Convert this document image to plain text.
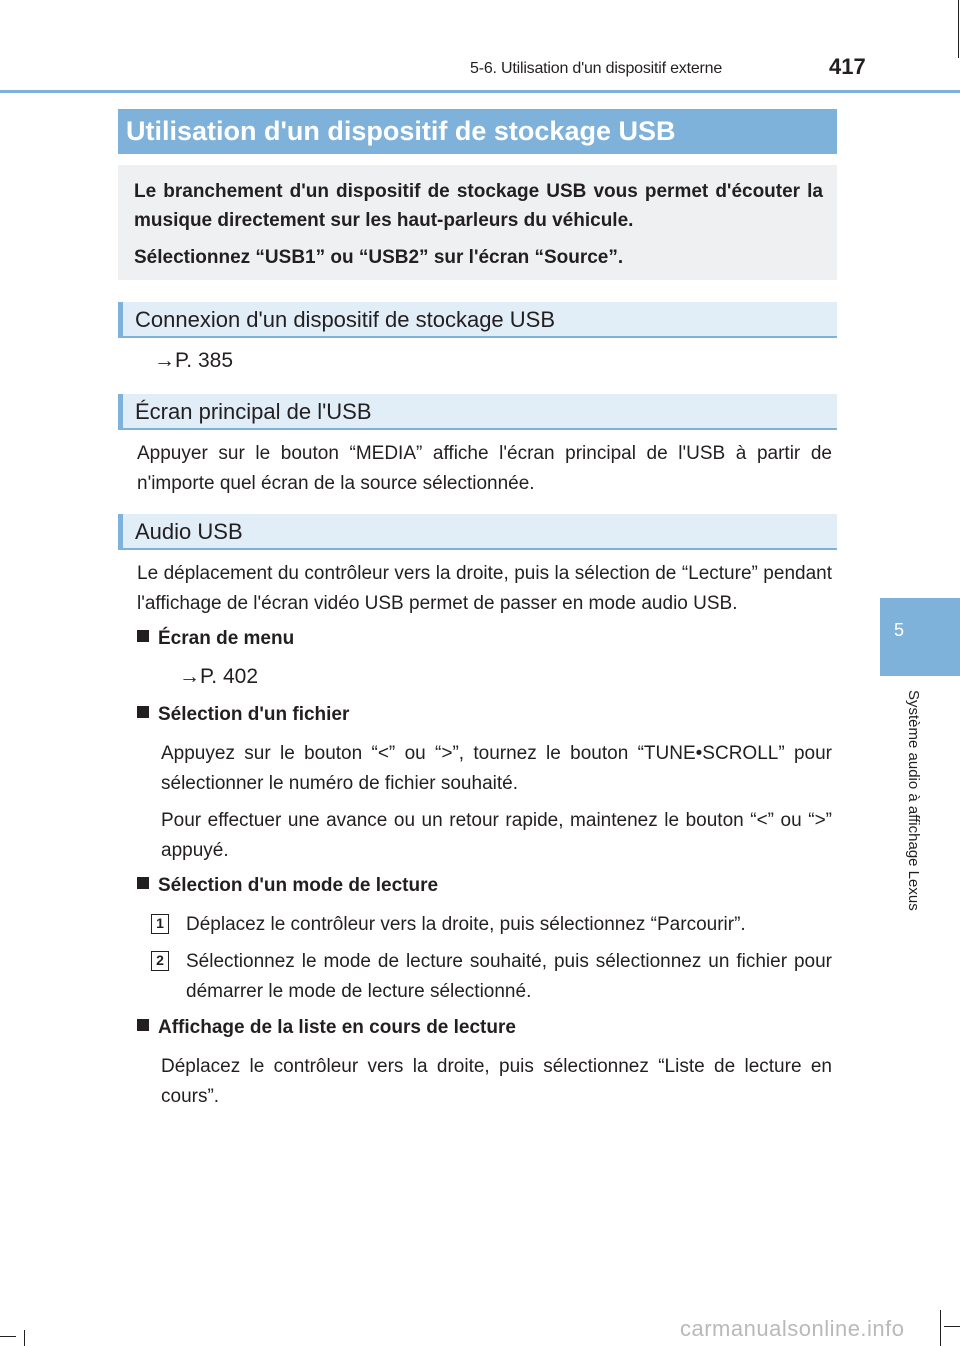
5-6. Utilisation d'un dispositif externe	417
5
Système audio à affichage Lexus
Utilisation d'un dispositif de stockage USB

Le branchement d'un dispositif de stockage USB vous permet d'écouter la musique directement sur les haut-parleurs du véhicule.

Sélectionnez “USB1” ou “USB2” sur l'écran “Source”.

Connexion d'un dispositif de stockage USB
→P. 385
Écran principal de l'USB
Appuyer sur le bouton “MEDIA” affiche l'écran principal de l'USB à partir de n'importe quel écran de la source sélectionnée.
Audio USB
Le déplacement du contrôleur vers la droite, puis la sélection de “Lecture” pendant l'affichage de l'écran vidéo USB permet de passer en mode audio USB.
Écran de menu
→P. 402
Sélection d'un fichier
Appuyez sur le bouton “<” ou “>”, tournez le bouton “TUNE•SCROLL” pour sélectionner le numéro de fichier souhaité.
Pour effectuer une avance ou un retour rapide, maintenez le bouton “<” ou “>” appuyé.
Sélection d'un mode de lecture
1 Déplacez le contrôleur vers la droite, puis sélectionnez “Parcourir”.
2 Sélectionnez le mode de lecture souhaité, puis sélectionnez un fichier pour démarrer le mode de lecture sélectionné.
Affichage de la liste en cours de lecture
Déplacez le contrôleur vers la droite, puis sélectionnez “Liste de lecture en cours”.
carmanualsonline.info
